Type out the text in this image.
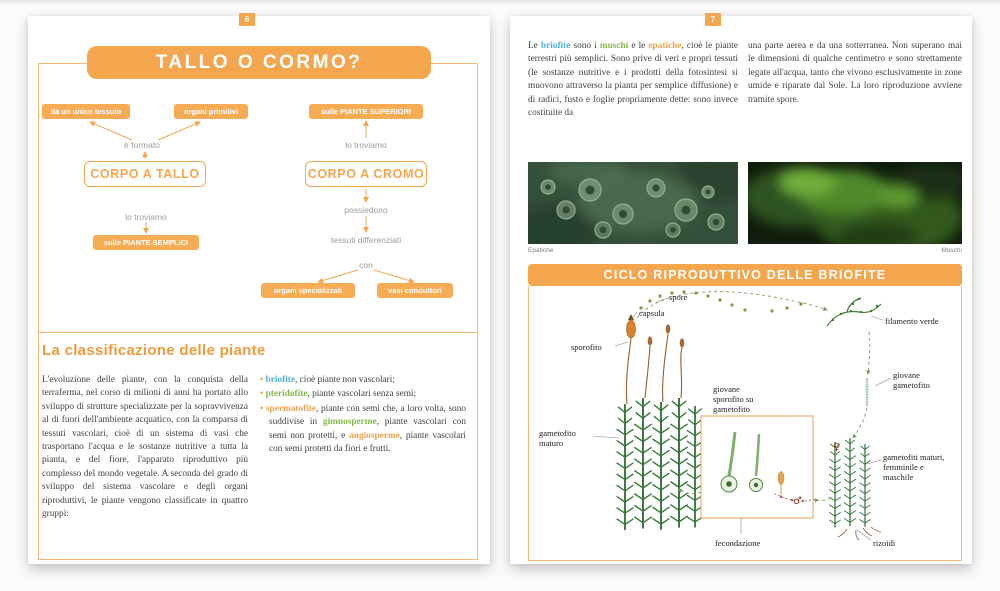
6
TALLO O CORMO?
da un unico tessuto	organi primitivi
è formato
CORPO A TALLO
lo troviamo
sulle PIANTE SEMPLICI
sulle PIANTE SUPERIORI
lo troviamo
CORPO A CROMO
possiedono
tessuti differenziati
con
organi specializzati	vasi conduttori
La classificazione delle piante
L'evoluzione delle piante, con la conquista della terraferma, nel corso di milioni di anni ha portato allo sviluppo di strutture specializzate per la sopravvivenza al di fuori dell'ambiente acquatico, con la comparsa di tessuti vascolari, cioè di un sistema di vasi che trasportano l'acqua e le sostanze nutritive a tutta la pianta, e del fiore, l'apparato riproduttivo più complesso del mondo vegetale. A seconda del grado di sviluppo del sistema vascolare e degli organi riproduttivi, le piante vengono classificate in quattro gruppi:
• briofite, cioè piante non vascolari;
• pteridofite, piante vascolari senza semi;
• spermatofite, piante con semi che, a loro volta, sono suddivise in gimnosperme, piante vascolari con semi non protetti, e angiosperme, piante vascolari con semi protetti da fiori e frutti.
7
Le briofite sono i muschi e le epatiche, cioè le piante terrestri più semplici. Sono prive di veri e propri tessuti (le sostanze nutritive e i prodotti della fotosintesi si muovono attraverso la pianta per semplice diffusione) e di radici, fusto e foglie propriamente dette: sono invece costituite da
una parte aerea e da una sotterranea. Non superano mai le dimensioni di qualche centimetro e sono strettamente legate all'acqua, tanto che vivono esclusivamente in zone umide e riparate dal Sole. La loro riproduzione avviene tramite spore.
Epatiche	Muschi
CICLO RIPRODUTTIVO DELLE BRIOFITE
spore
capsula
sporofito
filamento verde
giovane gametofito
giovane sporofito su gametofito
gametofito maturo
gametofiti maturi, femminile e maschile
fecondazione	rizoidi
♀
♂
